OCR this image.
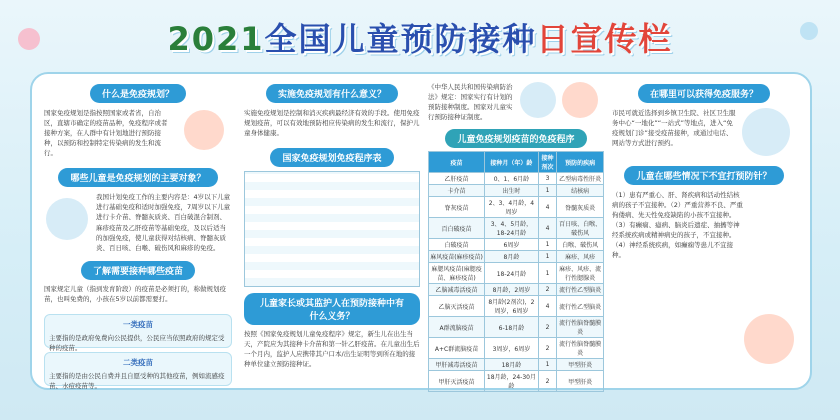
2021全国儿童预防接种日宣传栏
什么是免疫规划？
国家免疫规划是指按照国家或者省，自治区，直辖市确定的疫苗品种，免疫程序或者接种方案，在人群中有计划地进行预防接种，以预防和控制特定传染病的发生和流行。
哪些儿童是免疫规划的主要对象？
我国计划免疫工作的主要内容是：4岁以下儿童进行基础免疫和适时加强免疫，7周岁以下儿童进行卡介苗、脊髓灰质炎、百白破混合制剂、麻疹疫苗及乙肝疫苗等基础免疫，及以后适当的加强免疫，使儿童获得对结核病、脊髓灰质炎、百日咳、白喉、破伤风和麻疹的免疫。
了解需要接种哪些疫苗
国家规定儿童（指到发育阶段）的疫苗是必须打的，称做规划疫苗，也叫免费的，小孩在5岁以前都需要打。
一类疫苗
主要指的是政府免费向公民提供，公民应当依照政府的规定受种的疫苗。
二类疫苗
主要指的是由公民自费并且自愿受种的其他疫苗，例如流感疫苗、水痘疫苗等。
实施免疫规划有什么意义？
实施免疫规划是控制和消灭疾病最经济有效的手段。使用免疫规划疫苗，可以有效地预防相应传染病的发生和流行，保护儿童身体健康。
国家免疫规划免疫程序表
儿童家长或其监护人在预防接种中有什么义务？
按照《国家免疫规划儿童免疫程序》规定，新生儿在出生当天，产院应为其接种卡介苗和第一针乙肝疫苗。在儿童出生后一个月内，监护人应携带其户口本/出生证明等到所在地的接种单位建立预防接种证。
《中华人民共和国传染病防治法》规定：国家实行有计划的预防接种制度。国家对儿童实行预防接种证制度。
儿童免疫规划疫苗的免疫程序
疫苗	接种月（年）龄	接种剂次	预防的疾病
乙肝疫苗	0、1、6月龄	3	乙型病毒性肝炎
卡介苗	出生时	1	结核病
脊灰疫苗	2、3、4月龄，4周岁	4	脊髓灰质炎
百白破疫苗	3、4、5月龄，18-24月龄	4	百日咳、白喉、破伤风
白破疫苗	6周岁	1	白喉、破伤风
麻风疫苗(麻疹疫苗)	8月龄	1	麻疹、风疹
麻腮风疫苗(麻腮疫苗、麻疹疫苗)	18-24月龄	1	麻疹、风疹、流行性腮腺炎
乙脑减毒活疫苗	8月龄，2周岁	2	流行性乙型脑炎
乙脑灭活疫苗	8月龄(2剂次)，2周岁，6周岁	4	流行性乙型脑炎
A群流脑疫苗	6-18月龄	2	流行性脑脊髓膜炎
A+C群流脑疫苗	3周岁，6周岁	2	流行性脑脊髓膜炎
甲肝减毒活疫苗	18月龄	1	甲型肝炎
甲肝灭活疫苗	18月龄，24-30月龄	2	甲型肝炎
在哪里可以获得免疫服务？
市民可就近选择到乡镇卫生院、社区卫生服务中心“一地化”“一站式”等地点，进入“免疫规划门诊”接受疫苗接种，或通过电话、网站等方式进行预约。
儿童在哪些情况下不宜打预防针？
（1）患有严重心、肝、肾疾病和活动性结核病的孩子不宜接种。（2）严重营养不良、严重佝偻病、先天性免疫缺陷的小孩不宜接种。（3）有癫痫、癔病、脑炎后遗症、抽搐等神经系统疾病或精神病史的孩子，不宜接种。（4）神经系统疾病，如癫痫等患儿不宜接种。
